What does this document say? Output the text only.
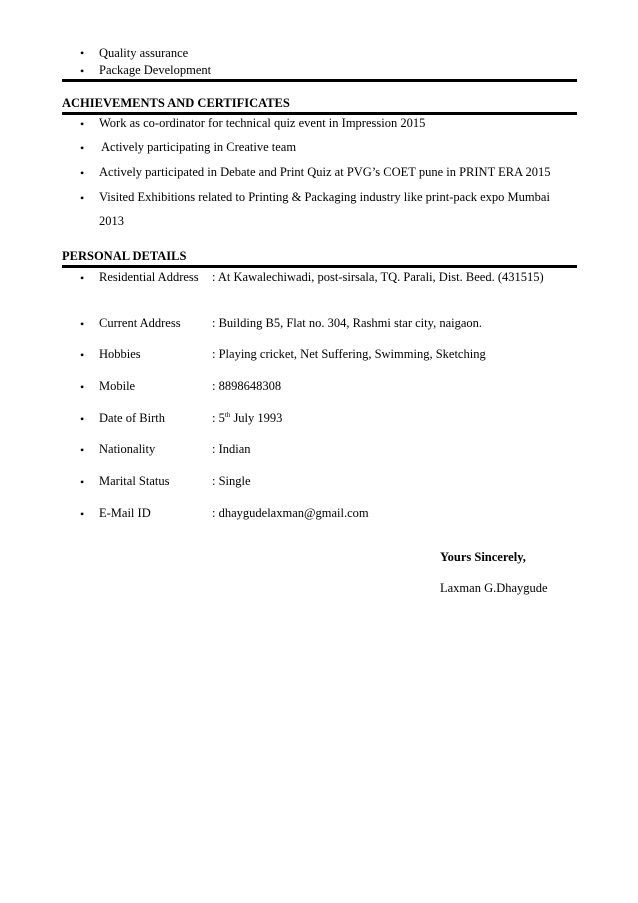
• Quality assurance
• Package Development
ACHIEVEMENTS AND CERTIFICATES
• Work as co-ordinator for technical quiz event in Impression 2015
• Actively participating in Creative team
• Actively participated in Debate and Print Quiz at PVG’s COET pune in PRINT ERA 2015
• Visited Exhibitions related to Printing & Packaging industry like print-pack expo Mumbai
2013
PERSONAL DETAILS
• Residential Address : At Kawalechiwadi, post-sirsala, TQ. Parali, Dist. Beed. (431515)
• Current Address	: Building B5, Flat no. 304, Rashmi star city, naigaon.
• Hobbies	: Playing cricket, Net Suffering, Swimming, Sketching
• Mobile	: 8898648308
• Date of Birth	: 5th July 1993
• Nationality	: Indian
• Marital Status	: Single
• E-Mail ID	: dhaygudelaxman@gmail.com
Yours Sincerely,
Laxman G.Dhaygude
